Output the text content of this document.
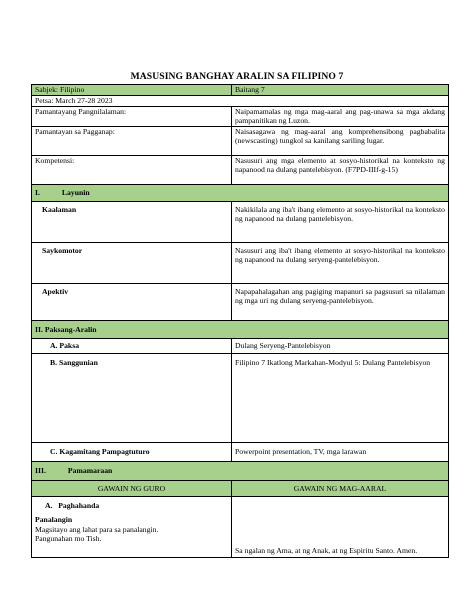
MASUSING BANGHAY ARALIN SA FILIPINO 7
Sabjek: Filipino	Baitang 7
Petsa: March 27-28 2023	
Pamantayang Pangnilalaman:	Naipamamalas ng mga mag-aaral ang pag-unawa sa mga akdang pampanitikan ng Luzon.
Pamantayan sa Pagganap:	Naisasagawa ng mag-aaral ang komprehensibong pagbabalita (newscasting) tungkol sa kanilang sariling lugar.
Kompetensi:	Nasusuri ang mga elemento at sosyo-historikal na konteksto ng napanood na dulang pantelebisyon. (F7PD-IIIf-g-15)
I. Layunin	
Kaalaman	Nakikilala ang iba't ibang elemento at sosyo-historikal na konteksto ng napanood na dulang pantelebisyon.
Saykomotor	Nasusuri ang iba't ibang elemento at sosyo-historikal na konteksto ng napanood na dulang seryeng-pantelebisyon.
Apektiv	Napapahalagahan ang pagiging mapanuri sa pagsusuri sa nilalaman ng mga uri ng dulang seryeng-pantelebisyon.
II. Paksang-Aralin	
A. Paksa	Dulang Seryeng-Pantelebisyon
B. Sanggunian	Filipino 7 Ikatlong Markahan-Modyul 5: Dulang Pantelebisyon
C. Kagamitang Pampagtuturo	Powerpoint presentation, TV, mga larawan
III. Pamamaraan	
GAWAIN NG GURO	GAWAIN NG MAG-AARAL

A.   Paghahanda
Panalangin
Magsitayo ang lahat para sa panalangin.
Pangunahan mo Tish.	Sa ngalan ng Ama, at ng Anak, at ng Espiritu Santo. Amen.
